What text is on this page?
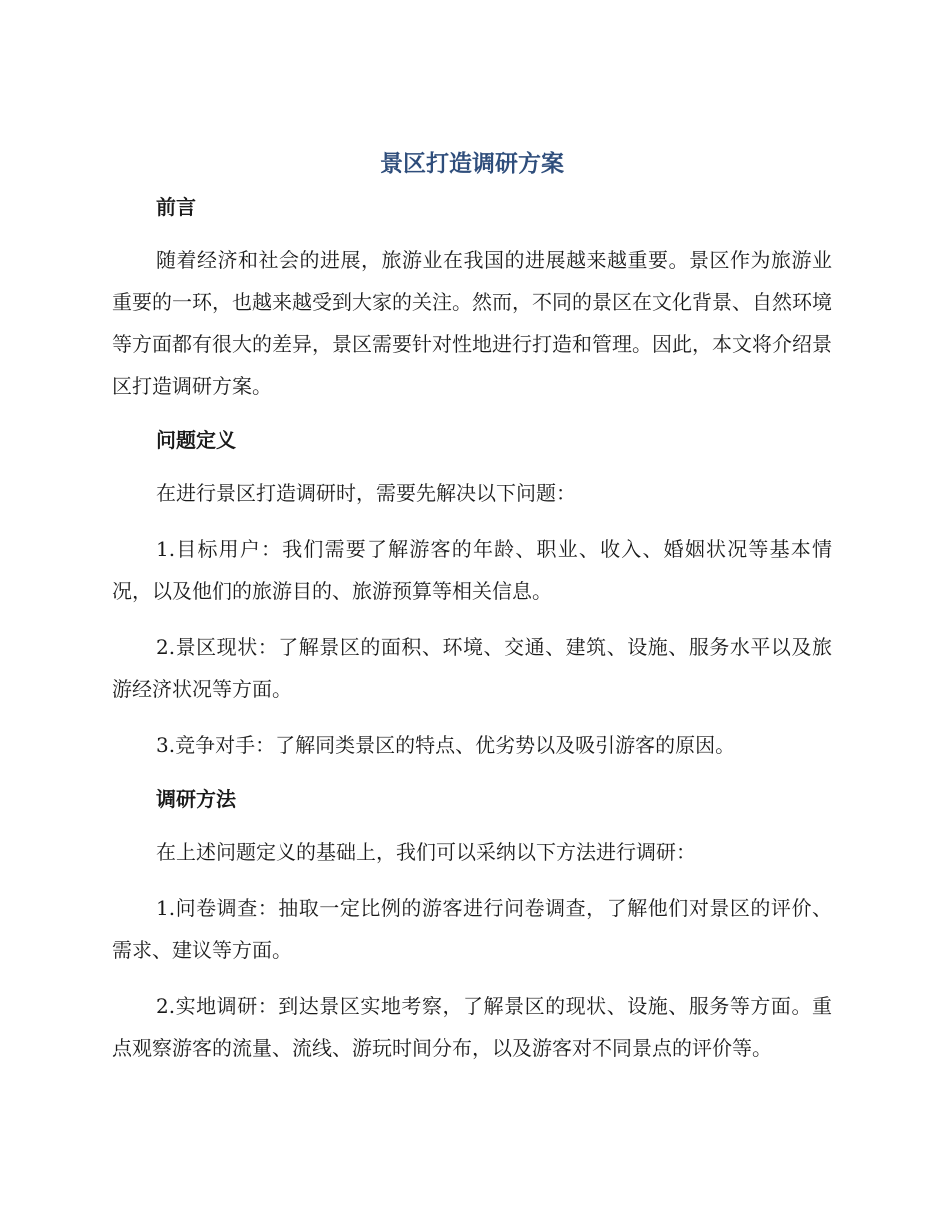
景区打造调研方案
前言

随着经济和社会的进展，旅游业在我国的进展越来越重要。景区作为旅游业重要的一环，也越来越受到大家的关注。然而，不同的景区在文化背景、自然环境等方面都有很大的差异，景区需要针对性地进行打造和管理。因此，本文将介绍景区打造调研方案。

问题定义

在进行景区打造调研时，需要先解决以下问题：

1.目标用户：我们需要了解游客的年龄、职业、收入、婚姻状况等基本情况，以及他们的旅游目的、旅游预算等相关信息。

2.景区现状：了解景区的面积、环境、交通、建筑、设施、服务水平以及旅游经济状况等方面。

3.竞争对手：了解同类景区的特点、优劣势以及吸引游客的原因。

调研方法

在上述问题定义的基础上，我们可以采纳以下方法进行调研：

1.问卷调查：抽取一定比例的游客进行问卷调查，了解他们对景区的评价、需求、建议等方面。

2.实地调研：到达景区实地考察，了解景区的现状、设施、服务等方面。重点观察游客的流量、流线、游玩时间分布，以及游客对不同景点的评价等。
